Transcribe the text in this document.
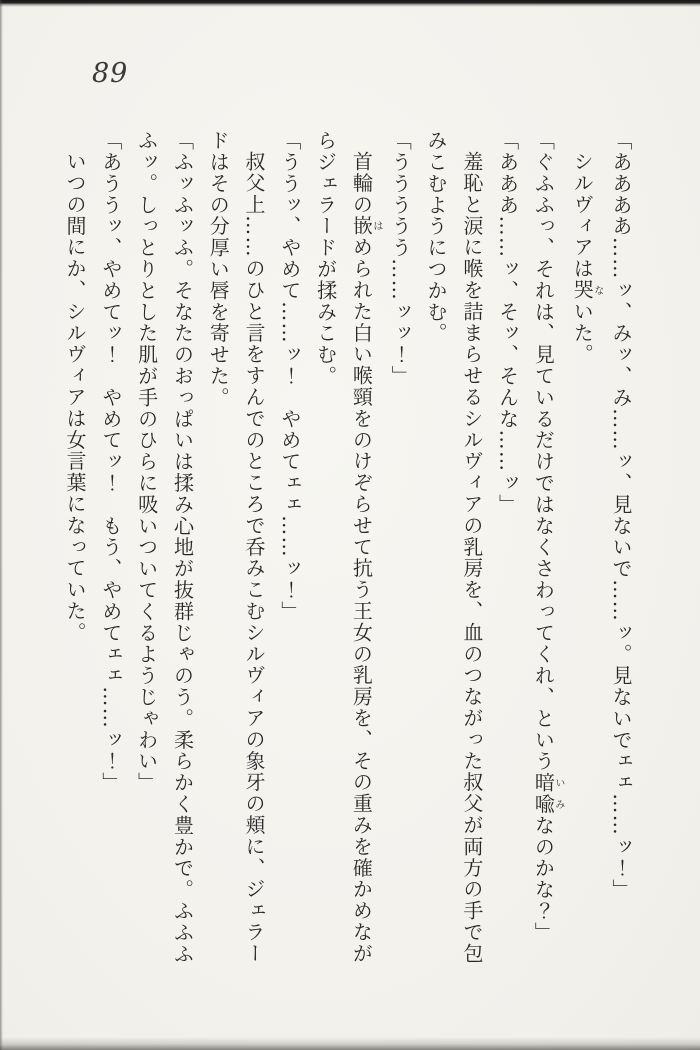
89

「ああああ……ッ、みッ、み……ッ、見ないで……ッ。見ないでェェ……ッ！」

シルヴィアは哭ないた。

「ぐふふっ、それは、見ているだけではなくさわってくれ、という暗喩いみなのかな？」

「あああ……ッ、そッ、そんな……ッ」

羞恥と涙に喉を詰まらせるシルヴィアの乳房を、血のつながった叔父が両方の手で包みこむようにつかむ。

「ううううう……ッッ！」

首輪の嵌はめられた白い喉頸をのけぞらせて抗う王女の乳房を、その重みを確かめながらジェラードが揉みこむ。

「ううッ、やめて……ッ！　やめてェェ……ッ！」

叔父上……のひと言をすんでのところで呑みこむシルヴィアの象牙の頬に、ジェラードはその分厚い唇を寄せた。

「ふッふッふ。そなたのおっぱいは揉み心地が抜群じゃのう。柔らかく豊かで。ふふふふッ。しっとりとした肌が手のひらに吸いついてくるようじゃわい」

「あううッ、やめてッ！　やめてッ！　もう、やめてェェ……ッ！」

いつの間にか、シルヴィアは女言葉になっていた。
